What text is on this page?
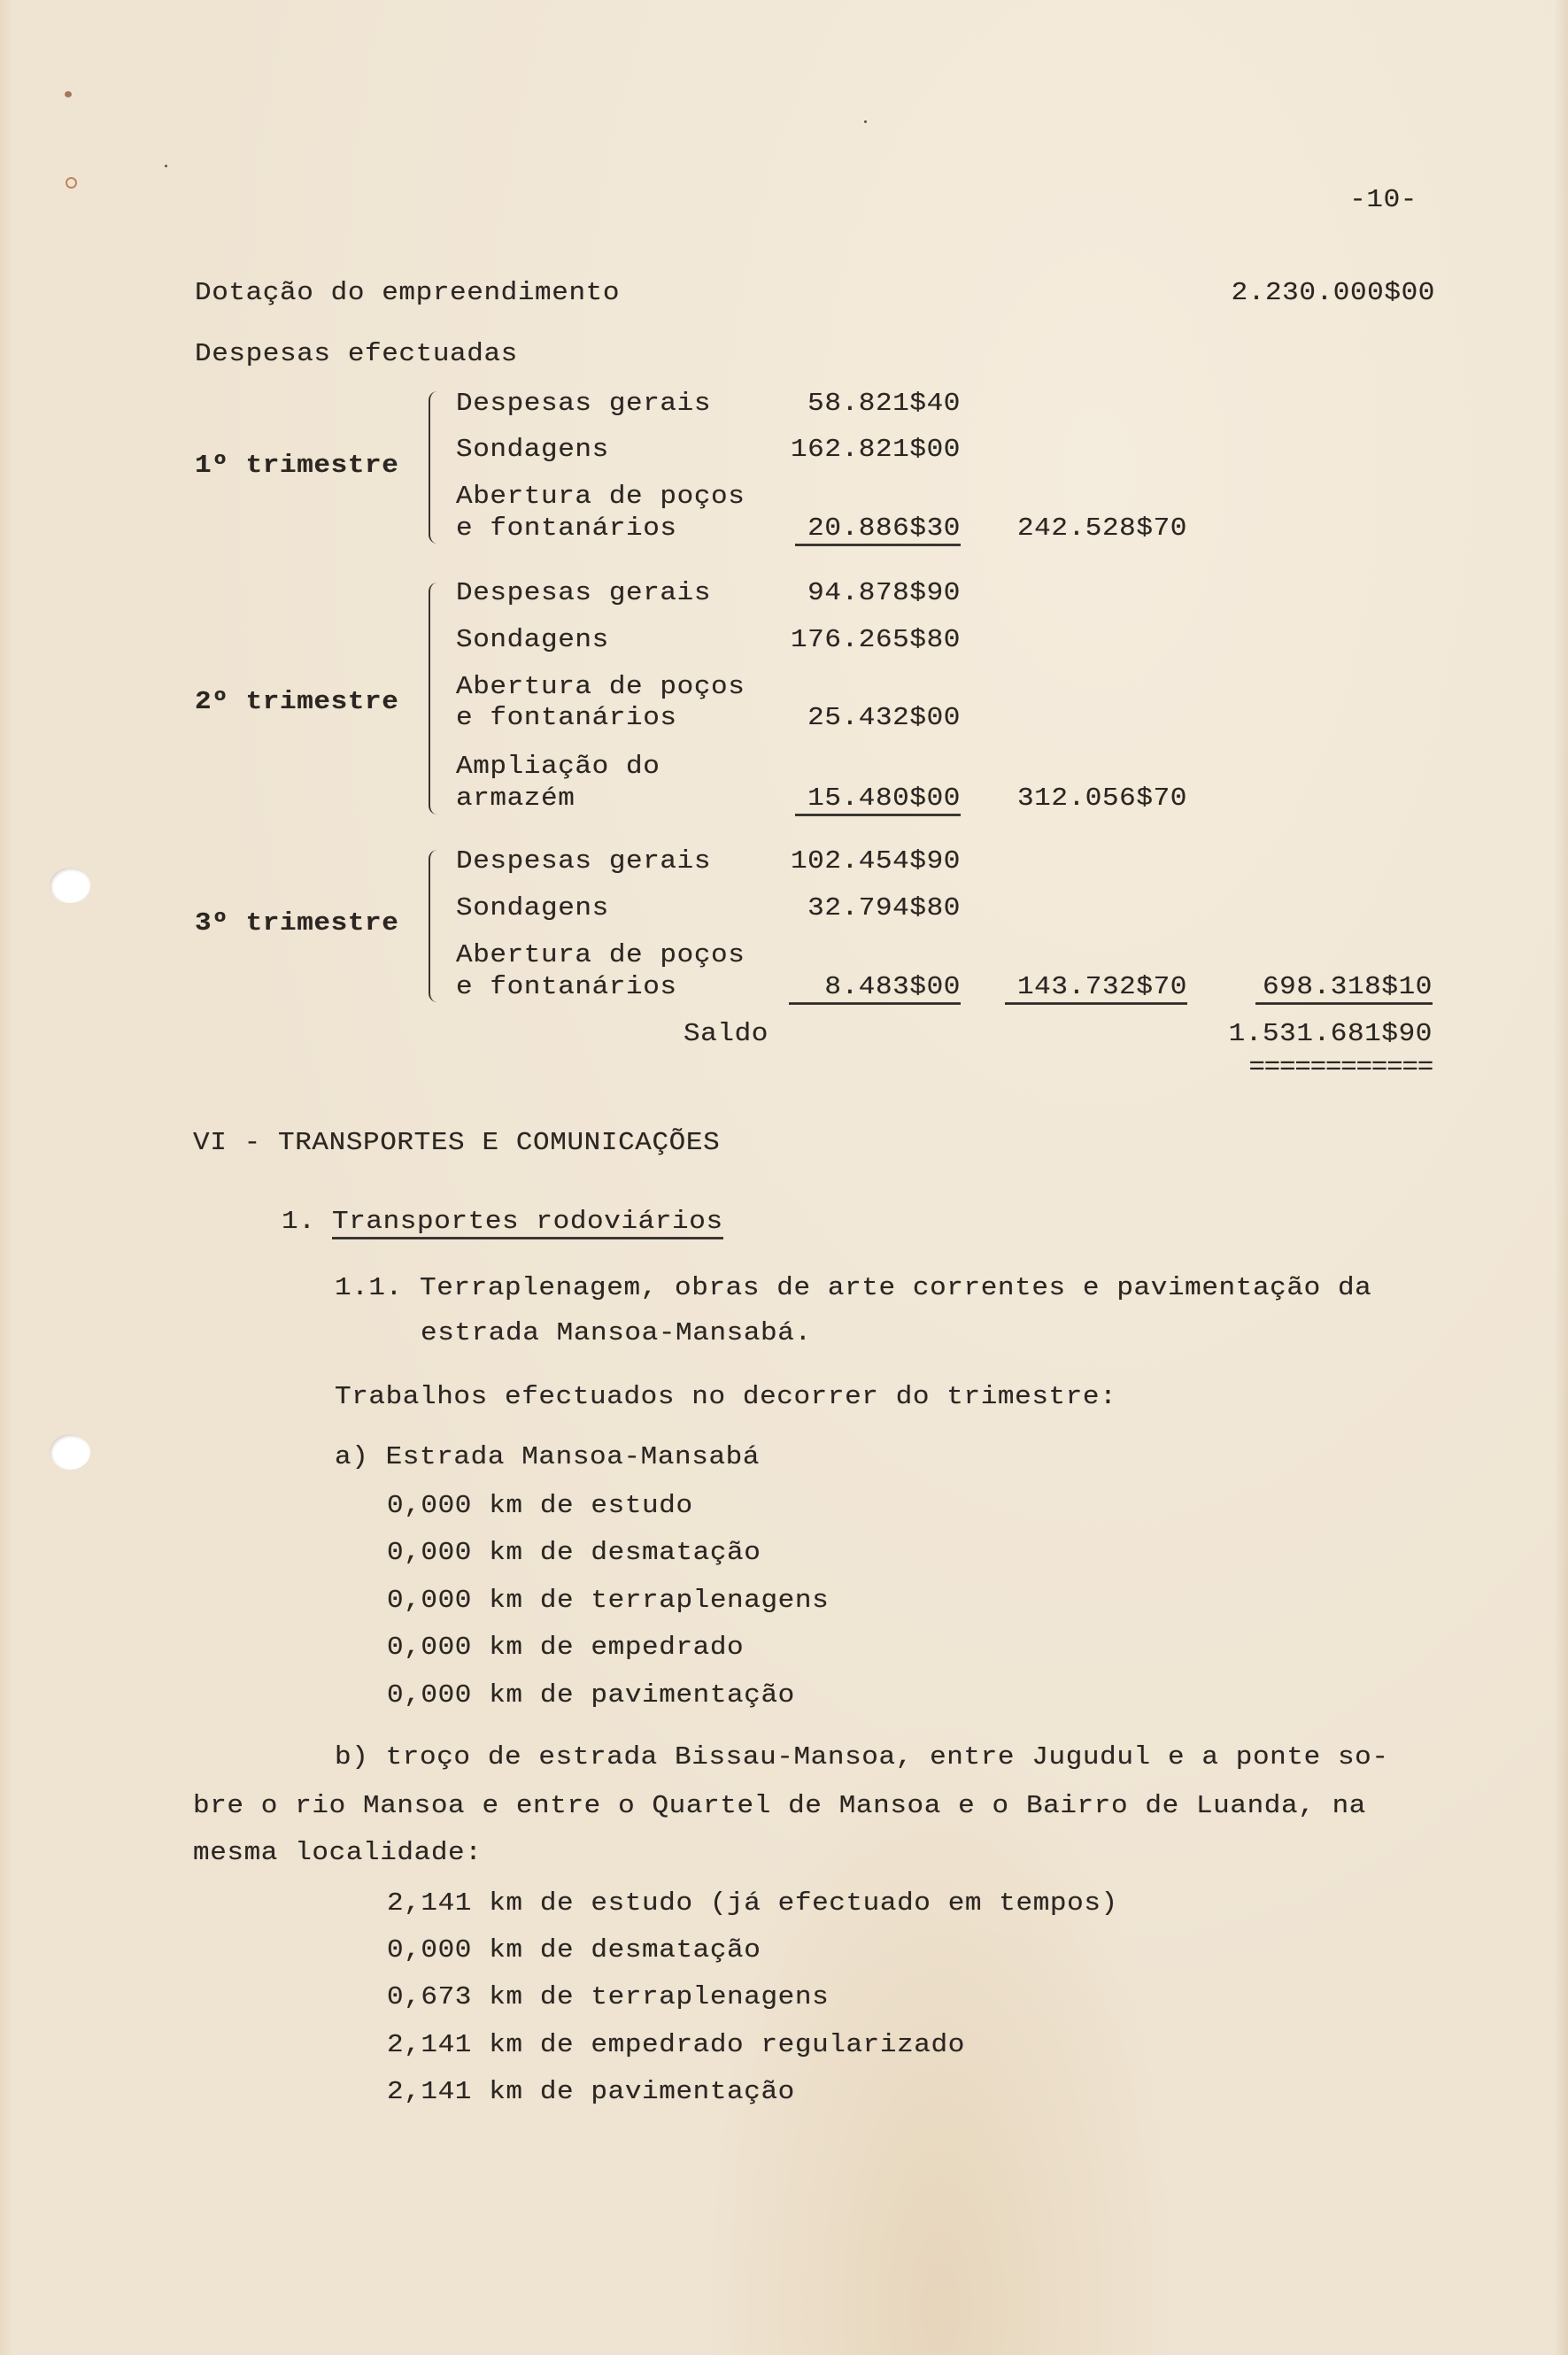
-10-
Dotação do empreendimento	2.230.000$00
Despesas efectuadas
1º trimestre
Despesas gerais	58.821$40
Sondagens	162.821$00
Abertura de poços
e fontanários	20.886$30 242.528$70
2º trimestre
Despesas gerais	94.878$90
Sondagens	176.265$80
Abertura de poços
e fontanários	25.432$00
Ampliação do
armazém	15.480$00 312.056$70
3º trimestre
Despesas gerais	102.454$90
Sondagens	32.794$80
Abertura de poços
e fontanários	8.483$00	143.732$70	698.318$10
Saldo	1.531.681$90
============
VI - TRANSPORTES E COMUNICAÇÕES
1. Transportes rodoviários
1.1. Terraplenagem, obras de arte correntes e pavimentação da
estrada Mansoa-Mansabá.
Trabalhos efectuados no decorrer do trimestre:
a) Estrada Mansoa-Mansabá
0,000 km de estudo
0,000 km de desmatação
0,000 km de terraplenagens
0,000 km de empedrado
0,000 km de pavimentação
b) troço de estrada Bissau-Mansoa, entre Jugudul e a ponte so-
bre o rio Mansoa e entre o Quartel de Mansoa e o Bairro de Luanda, na
mesma localidade:
2,141 km de estudo (já efectuado em tempos)
0,000 km de desmatação
0,673 km de terraplenagens
2,141 km de empedrado regularizado
2,141 km de pavimentação
